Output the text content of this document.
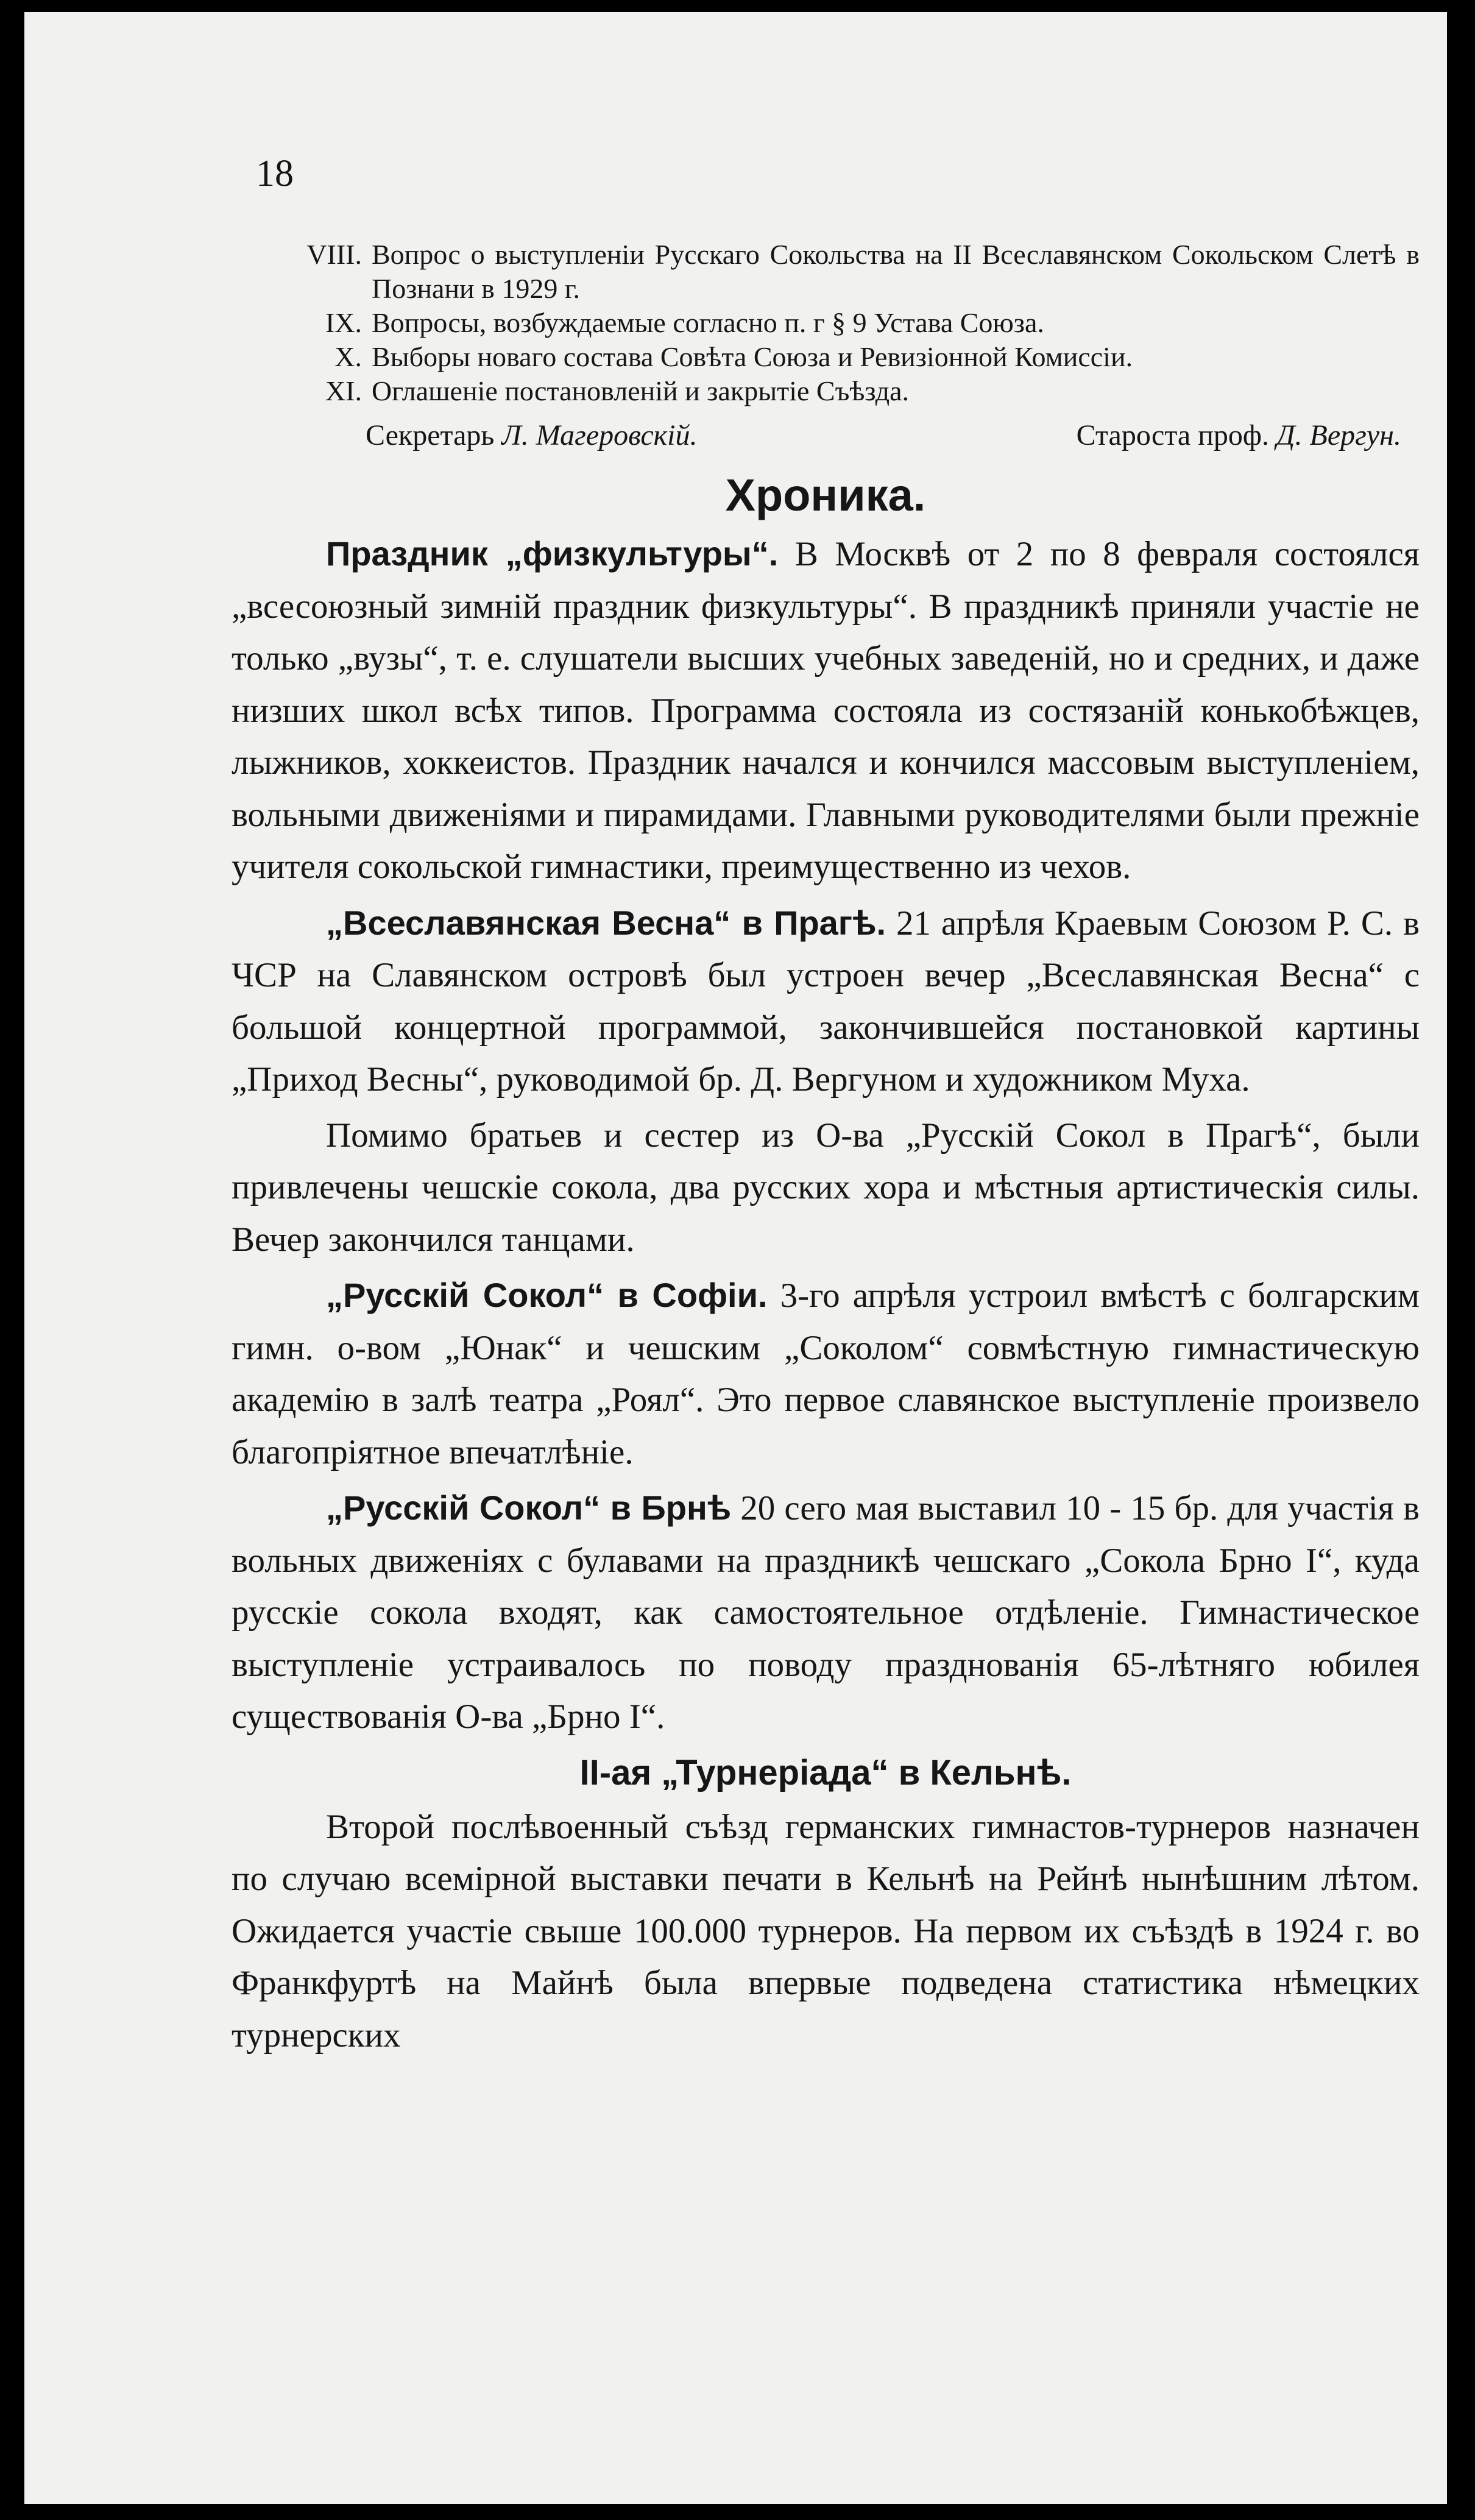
18
VIII. Вопрос о выступленіи Русскаго Сокольства на II Всеславянском Сокольском Слетѣ в Познани в 1929 г.
IX. Вопросы, возбуждаемые согласно п. г § 9 Устава Союза.
X. Выборы новаго состава Совѣта Союза и Ревизіонной Комиссіи.
XI. Оглашеніе постановленій и закрытіе Съѣзда.
Секретарь Л. Магеровскій.	Староста проф. Д. Вергун.
Хроника.

Праздник „физкультуры“. В Москвѣ от 2 по 8 февраля состоялся „всесоюзный зимній праздник физкультуры“. В праздникѣ приняли участіе не только „вузы“, т. е. слушатели высших учебных заведеній, но и средних, и даже низших школ всѣх типов. Программа состояла из состязаній конькобѣжцев, лыжников, хоккеистов. Праздник начался и кончился массовым выступленіем, вольными движеніями и пирамидами. Главными руководителями были прежніе учителя сокольской гимнастики, преимущественно из чехов.

„Всеславянская Весна“ в Прагѣ. 21 апрѣля Краевым Союзом Р. С. в ЧСР на Славянском островѣ был устроен вечер „Всеславянская Весна“ с большой концертной программой, закончившейся постановкой картины „Приход Весны“, руководимой бр. Д. Вергуном и художником Муха.

Помимо братьев и сестер из О-ва „Русскій Сокол в Прагѣ“, были привлечены чешскіе сокола, два русских хора и мѣстныя артистическія силы. Вечер закончился танцами.

„Русскій Сокол“ в Софіи. 3-го апрѣля устроил вмѣстѣ с болгарским гимн. о-вом „Юнак“ и чешским „Соколом“ совмѣстную гимнастическую академію в залѣ театра „Роял“. Это первое славянское выступленіе произвело благопріятное впечатлѣніе.

„Русскій Сокол“ в Брнѣ 20 сего мая выставил 10 - 15 бр. для участія в вольных движеніях с булавами на праздникѣ чешскаго „Сокола Брно I“, куда русскіе сокола входят, как самостоятельное отдѣленіе. Гимнастическое выступленіе устраивалось по поводу празднованія 65-лѣтняго юбилея существованія О-ва „Брно I“.

II-ая „Турнеріада“ в Кельнѣ.

Второй послѣвоенный съѣзд германских гимнастов-турнеров назначен по случаю всемірной выставки печати в Кельнѣ на Рейнѣ нынѣшним лѣтом. Ожидается участіе свыше 100.000 турнеров. На первом их съѣздѣ в 1924 г. во Франкфуртѣ на Майнѣ была впервые подведена статистика нѣмецких турнерских
